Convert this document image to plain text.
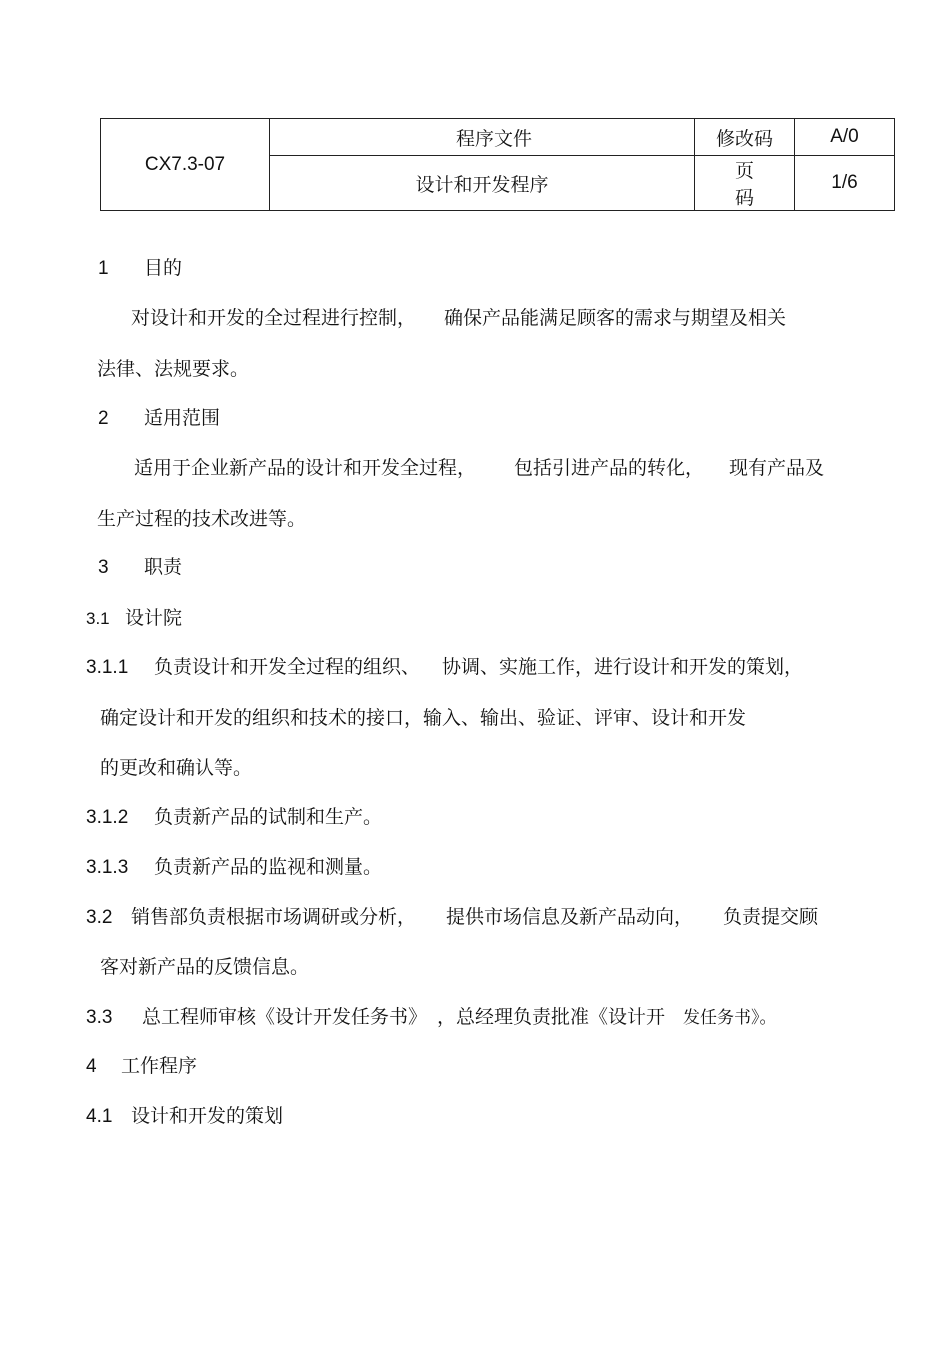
CX7.3-07	程序文件	修改码	A/0
	设计和开发程序	页码	1/6
1 目的
对设计和开发的全过程进行控制， 确保产品能满足顾客的需求与期望及相关
法律、法规要求。
2 适用范围
适用于企业新产品的设计和开发全过程， 包括引进产品的转化， 现有产品及
生产过程的技术改进等。
3 职责
3.1 设计院
3.1.1 负责设计和开发全过程的组织、 协调、实施工作，进行设计和开发的策划，
确定设计和开发的组织和技术的接口，输入、输出、验证、评审、设计和开发
的更改和确认等。
3.1.2 负责新产品的试制和生产。
3.1.3 负责新产品的监视和测量。
3.2 销售部负责根据市场调研或分析， 提供市场信息及新产品动向， 负责提交顾
客对新产品的反馈信息。
3.3 总工程师审核《设计开发任务书》 ，总经理负责批准《设计开 发任务书》。
4 工作程序
4.1 设计和开发的策划
